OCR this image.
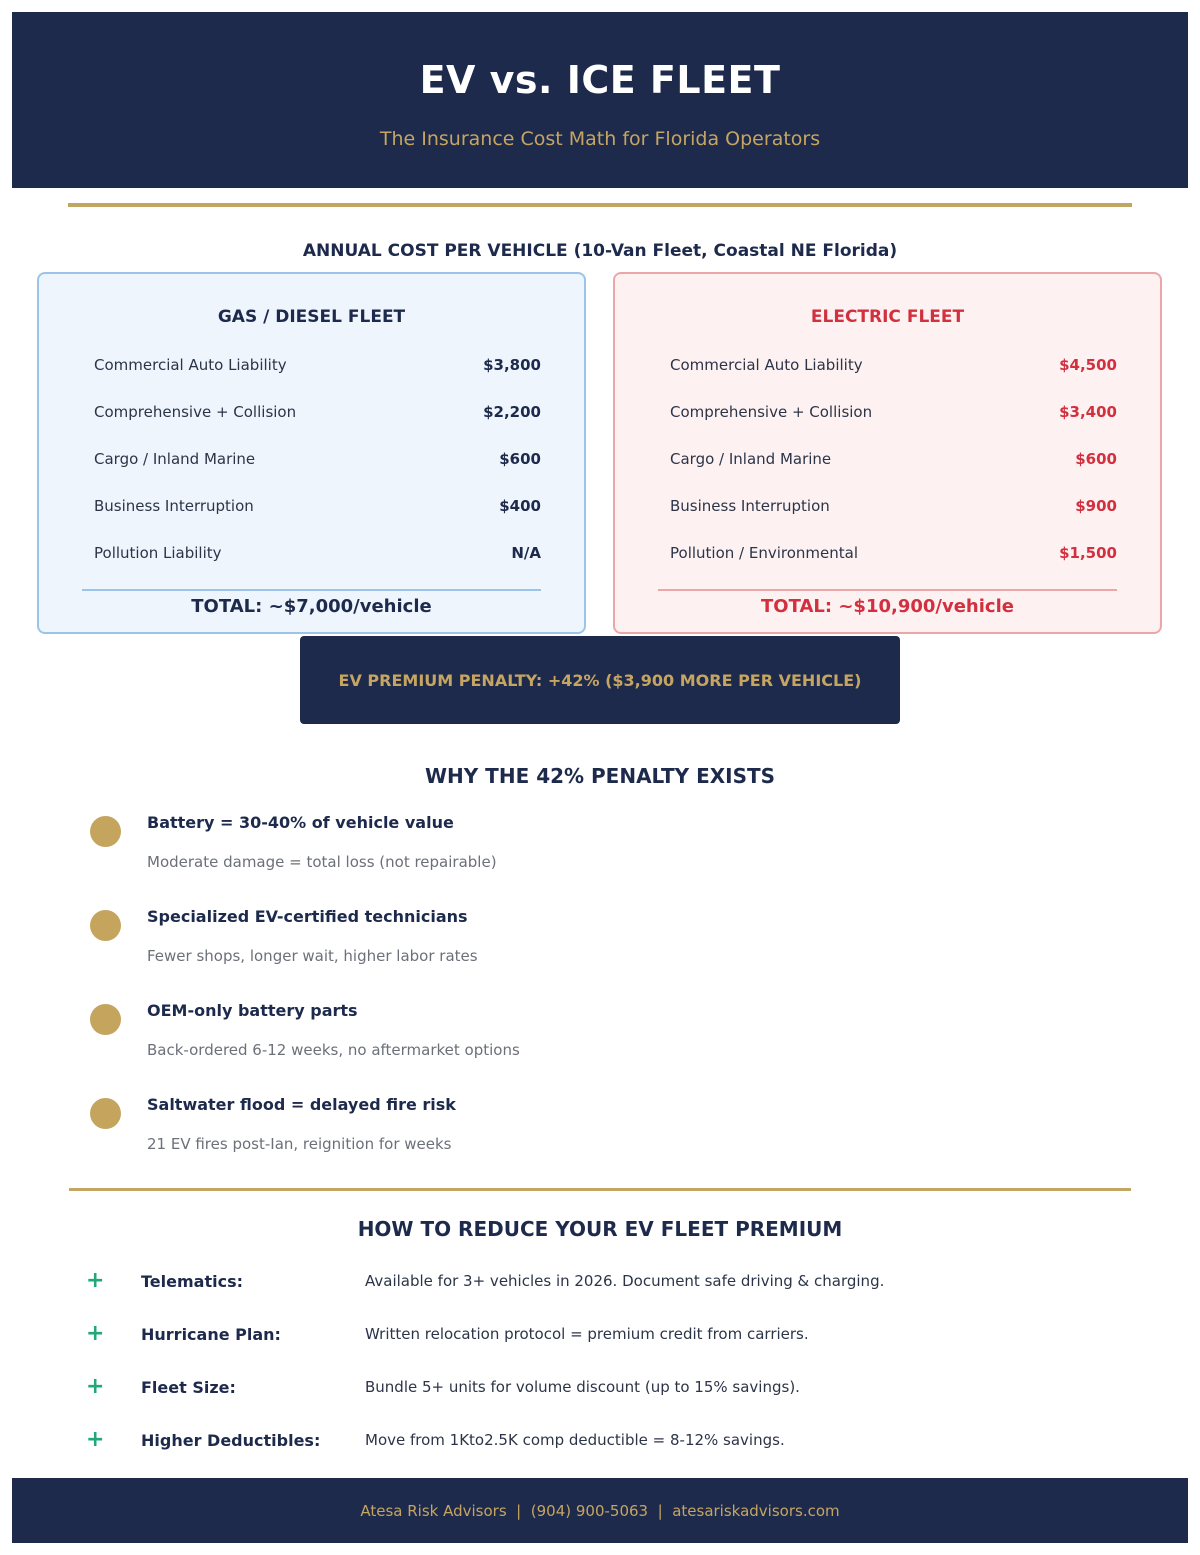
EV vs. ICE FLEET
The Insurance Cost Math for Florida Operators
ANNUAL COST PER VEHICLE (10-Van Fleet, Coastal NE Florida)
GAS / DIESEL FLEET
Commercial Auto Liability	$3,800
Comprehensive + Collision	$2,200
Cargo / Inland Marine	$600
Business Interruption	$400
Pollution Liability	N/A
TOTAL: ~$7,000/vehicle
ELECTRIC FLEET
Commercial Auto Liability	$4,500
Comprehensive + Collision	$3,400
Cargo / Inland Marine	$600
Business Interruption	$900
Pollution / Environmental	$1,500
TOTAL: ~$10,900/vehicle
EV PREMIUM PENALTY: +42% ($3,900 MORE PER VEHICLE)
WHY THE 42% PENALTY EXISTS
Battery = 30-40% of vehicle value
Moderate damage = total loss (not repairable)
Specialized EV-certified technicians
Fewer shops, longer wait, higher labor rates
OEM-only battery parts
Back-ordered 6-12 weeks, no aftermarket options
Saltwater flood = delayed fire risk
21 EV fires post-Ian, reignition for weeks
HOW TO REDUCE YOUR EV FLEET PREMIUM
+ Telematics:	Available for 3+ vehicles in 2026. Document safe driving & charging.
+ Hurricane Plan:	Written relocation protocol = premium credit from carriers.
+ Fleet Size:	Bundle 5+ units for volume discount (up to 15% savings).
+ Higher Deductibles:	Move from 1Kto2.5K comp deductible = 8-12% savings.
Atesa Risk Advisors  |  (904) 900-5063  |  atesariskadvisors.com
